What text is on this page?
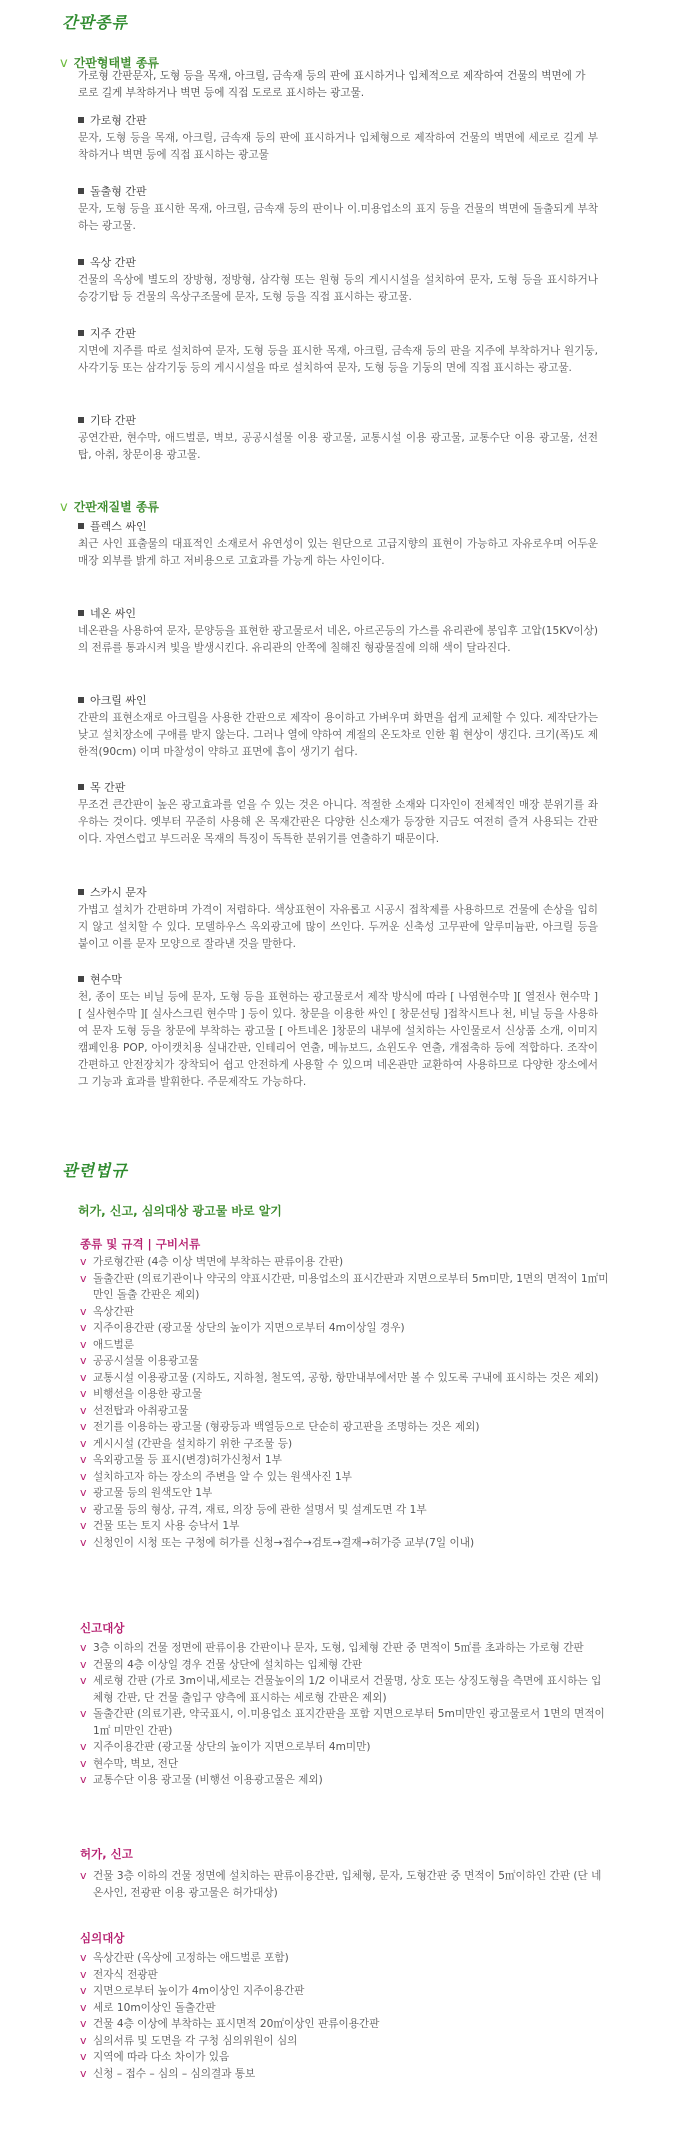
간판종류
v 간판형태별 종류
가로형 간판문자, 도형 등을 목재, 아크릴, 금속재 등의 판에 표시하거나 입체적으로 제작하여 건물의 벽면에 가로로 길게 부착하거나 벽면 등에 직접 도로로 표시하는 광고물.
가로형 간판
문자, 도형 등을 목재, 아크릴, 금속재 등의 판에 표시하거나 입체형으로 제작하여 건물의 벽면에 세로로 길게 부착하거나 벽면 등에 직접 표시하는 광고물
돌출형 간판
문자, 도형 등을 표시한 목재, 아크릴, 금속재 등의 판이나 이.미용업소의 표지 등을 건물의 벽면에 돌출되게 부착하는 광고물.
옥상 간판
건물의 옥상에 별도의 장방형, 정방형, 삼각형 또는 원형 등의 게시시설을 설치하여 문자, 도형 등을 표시하거나 승강기탑 등 건물의 옥상구조물에 문자, 도형 등을 직접 표시하는 광고물.
지주 간판
지면에 지주를 따로 설치하여 문자, 도형 등을 표시한 목재, 아크릴, 금속재 등의 판을 지주에 부착하거나 원기둥, 사각기둥 또는 삼각기둥 등의 게시시설을 따로 설치하여 문자, 도형 등을 기둥의 면에 직접 표시하는 광고물.
기타 간판
공연간판, 현수막, 애드벌룬, 벽보, 공공시설물 이용 광고물, 교통시설 이용 광고물, 교통수단 이용 광고물, 선전탑, 아취, 창문이용 광고물.
v 간판재질별 종류
플렉스 싸인
최근 사인 표출물의 대표적인 소재로서 유연성이 있는 원단으로 고급지향의 표현이 가능하고 자유로우며 어두운 매장 외부를 밝게 하고 저비용으로 고효과를 가능게 하는 사인이다.
네온 싸인
네온관을 사용하여 문자, 문양등을 표현한 광고물로서 네온, 아르곤등의 가스를 유리관에 봉입후 고압(15KV이상)의 전류를 통과시켜 빛을 발생시킨다. 유리관의 안쪽에 칠해진 형광물질에 의해 색이 달라진다.
아크릴 싸인
간판의 표현소재로 아크릴을 사용한 간판으로 제작이 용이하고 가벼우며 화면을 쉽게 교체할 수 있다. 제작단가는 낮고 설치장소에 구애를 받지 않는다. 그러나 열에 약하여 계절의 온도차로 인한 휨 현상이 생긴다. 크기(폭)도 제한적(90cm) 이며 마찰성이 약하고 표면에 흠이 생기기 쉽다.
목 간판
무조건 큰간판이 높은 광고효과를 얻을 수 있는 것은 아니다. 적절한 소재와 디자인이 전체적인 매장 분위기를 좌우하는 것이다. 옛부터 꾸준히 사용해 온 목재간판은 다양한 신소재가 등장한 지금도 여전히 즐겨 사용되는 간판이다. 자연스럽고 부드러운 목재의 특징이 독특한 분위기를 연출하기 때문이다.
스카시 문자
가볍고 설치가 간편하며 가격이 저렴하다. 색상표현이 자유롭고 시공시 접착제를 사용하므로 건물에 손상을 입히지 않고 설치할 수 있다. 모델하우스 옥외광고에 많이 쓰인다. 두꺼운 신축성 고무판에 알루미늄판, 아크릴 등을 붙이고 이를 문자 모양으로 잘라낸 것을 말한다.
현수막
천, 종이 또는 비닐 등에 문자, 도형 등을 표현하는 광고물로서 제작 방식에 따라 [ 나염현수막 ][ 열전사 현수막 ] [ 실사현수막 ][ 실사스크린 현수막 ] 등이 있다. 창문을 이용한 싸인 [ 창문선팅 ]접착시트나 천, 비닐 등을 사용하여 문자 도형 등을 창문에 부착하는 광고물 [ 아트네온 ]창문의 내부에 설치하는 사인물로서 신상품 소개, 이미지 캠페인용 POP, 아이캣치용 실내간판, 인테리어 연출, 메뉴보드, 쇼윈도우 연출, 개점축하 등에 적합하다. 조작이 간편하고 안전장치가 장착되어 쉽고 안전하게 사용할 수 있으며 네온관만 교환하여 사용하므로 다양한 장소에서 그 기능과 효과를 발휘한다. 주문제작도 가능하다.
관련법규
허가, 신고, 심의대상 광고물 바로 알기
종류 및 규격 | 구비서류
v 가로형간판 (4층 이상 벽면에 부착하는 판류이용 간판)
v 돌출간판 (의료기관이나 약국의 약표시간판, 미용업소의 표시간판과 지면으로부터 5m미만, 1면의 면적이 1㎡미만인 돌출 간판은 제외)
v 옥상간판
v 지주이용간판 (광고물 상단의 높이가 지면으로부터 4m이상일 경우)
v 애드벌룬
v 공공시설물 이용광고물
v 교통시설 이용광고물 (지하도, 지하철, 철도역, 공항, 항만내부에서만 볼 수 있도록 구내에 표시하는 것은 제외)
v 비행선을 이용한 광고물
v 선전탑과 아취광고물
v 전기를 이용하는 광고물 (형광등과 백열등으로 단순히 광고판을 조명하는 것은 제외)
v 게시시설 (간판을 설치하기 위한 구조물 등)
v 옥외광고물 등 표시(변경)허가신청서 1부
v 설치하고자 하는 장소의 주변을 알 수 있는 원색사진 1부
v 광고물 등의 원색도안 1부
v 광고물 등의 형상, 규격, 재료, 의장 등에 관한 설명서 및 설계도면 각 1부
v 건물 또는 토지 사용 승낙서 1부
v 신청인이 시청 또는 구청에 허가를 신청→접수→검토→결재→허가증 교부(7일 이내)
신고대상
v 3층 이하의 건물 정면에 판류이용 간판이나 문자, 도형, 입체형 간판 중 면적이 5㎡를 초과하는 가로형 간판
v 건물의 4층 이상일 경우 건물 상단에 설치하는 입체형 간판
v 세로형 간판 (가로 3m이내,세로는 건물높이의 1/2 이내로서 건물명, 상호 또는 상징도형을 측면에 표시하는 입체형 간판, 단 건물 출입구 양측에 표시하는 세로형 간판은 제외)
v 돌출간판 (의료기관, 약국표시, 이.미용업소 표지간판을 포함 지면으로부터 5m미만인 광고물로서 1면의 면적이 1㎡ 미만인 간판)
v 지주이용간판 (광고물 상단의 높이가 지면으로부터 4m미만)
v 현수막, 벽보, 전단
v 교통수단 이용 광고물 (비행선 이용광고물은 제외)
허가, 신고
v 건물 3층 이하의 건물 정면에 설치하는 판류이용간판, 입체형, 문자, 도형간판 중 면적이 5㎡이하인 간판 (단 네온사인, 전광판 이용 광고물은 허가대상)
심의대상
v 옥상간판 (옥상에 고정하는 애드벌룬 포함)
v 전자식 전광판
v 지면으로부터 높이가 4m이상인 지주이용간판
v 세로 10m이상인 돌출간판
v 건물 4층 이상에 부착하는 표시면적 20㎡이상인 판류이용간판
v 심의서류 및 도면을 각 구청 심의위원이 심의
v 지역에 따라 다소 차이가 있음
v 신청 – 접수 – 심의 – 심의결과 통보
